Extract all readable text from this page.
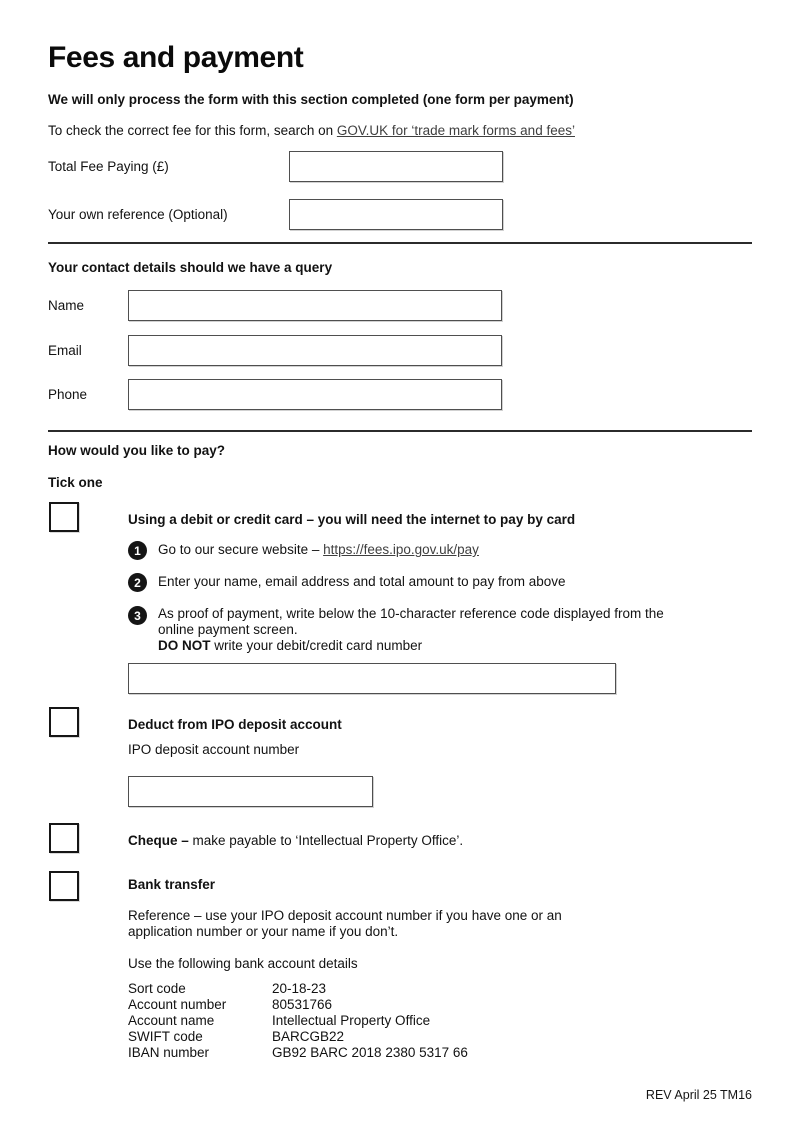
Fees and payment
We will only process the form with this section completed (one form per payment)
To check the correct fee for this form, search on GOV.UK for ‘trade mark forms and fees’
Total Fee Paying (£)
Your own reference (Optional)
Your contact details should we have a query
Name
Email
Phone
How would you like to pay?
Tick one
Using a debit or credit card – you will need the internet to pay by card
1	Go to our secure website – https://fees.ipo.gov.uk/pay
2	Enter your name, email address and total amount to pay from above
3	As proof of payment, write below the 10-character reference code displayed from the
online payment screen.
DO NOT write your debit/credit card number
Deduct from IPO deposit account
IPO deposit account number
Cheque – make payable to ‘Intellectual Property Office’.
Bank transfer
Reference – use your IPO deposit account number if you have one or an
application number or your name if you don’t.
Use the following bank account details
Sort code	20-18-23
Account number	80531766
Account name	Intellectual Property Office
SWIFT code	BARCGB22
IBAN number	GB92 BARC 2018 2380 5317 66
REV April 25 TM16
